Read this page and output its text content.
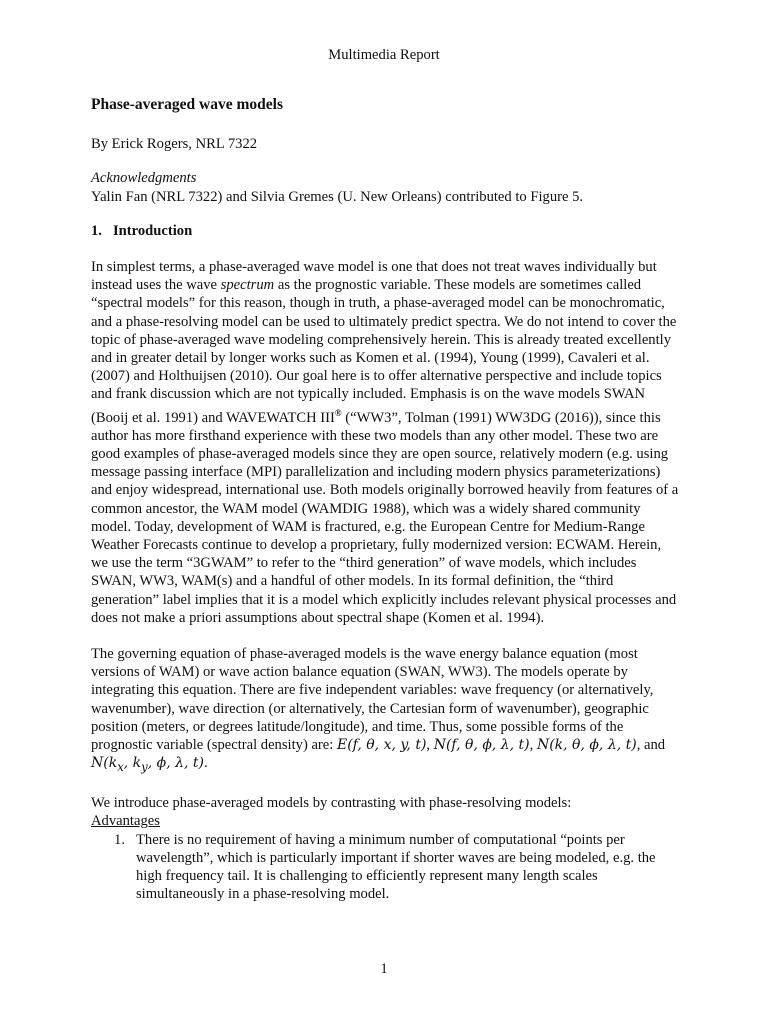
Multimedia Report
Phase-averaged wave models
By Erick Rogers, NRL 7322
Acknowledgments
Yalin Fan (NRL 7322) and Silvia Gremes (U. New Orleans) contributed to Figure 5.
1. Introduction
In simplest terms, a phase-averaged wave model is one that does not treat waves individually but instead uses the wave spectrum as the prognostic variable. These models are sometimes called “spectral models” for this reason, though in truth, a phase-averaged model can be monochromatic, and a phase-resolving model can be used to ultimately predict spectra. We do not intend to cover the topic of phase-averaged wave modeling comprehensively herein. This is already treated excellently and in greater detail by longer works such as Komen et al. (1994), Young (1999), Cavaleri et al. (2007) and Holthuijsen (2010). Our goal here is to offer alternative perspective and include topics and frank discussion which are not typically included. Emphasis is on the wave models SWAN (Booij et al. 1991) and WAVEWATCH III® (“WW3”, Tolman (1991) WW3DG (2016)), since this author has more firsthand experience with these two models than any other model. These two are good examples of phase-averaged models since they are open source, relatively modern (e.g. using message passing interface (MPI) parallelization and including modern physics parameterizations) and enjoy widespread, international use. Both models originally borrowed heavily from features of a common ancestor, the WAM model (WAMDIG 1988), which was a widely shared community model. Today, development of WAM is fractured, e.g. the European Centre for Medium-Range Weather Forecasts continue to develop a proprietary, fully modernized version: ECWAM. Herein, we use the term “3GWAM” to refer to the “third generation” of wave models, which includes SWAN, WW3, WAM(s) and a handful of other models. In its formal definition, the “third generation” label implies that it is a model which explicitly includes relevant physical processes and does not make a priori assumptions about spectral shape (Komen et al. 1994).
The governing equation of phase-averaged models is the wave energy balance equation (most versions of WAM) or wave action balance equation (SWAN, WW3). The models operate by integrating this equation. There are five independent variables: wave frequency (or alternatively, wavenumber), wave direction (or alternatively, the Cartesian form of wavenumber), geographic position (meters, or degrees latitude/longitude), and time. Thus, some possible forms of the prognostic variable (spectral density) are: E(f, θ, x, y, t), N(f, θ, ϕ, λ, t), N(k, θ, ϕ, λ, t), and $N(k_x$, $k_y$, ϕ, λ, t).
We introduce phase-averaged models by contrasting with phase-resolving models:
Advantages
1. There is no requirement of having a minimum number of computational “points per wavelength”, which is particularly important if shorter waves are being modeled, e.g. the high frequency tail. It is challenging to efficiently represent many length scales simultaneously in a phase-resolving model.
1
